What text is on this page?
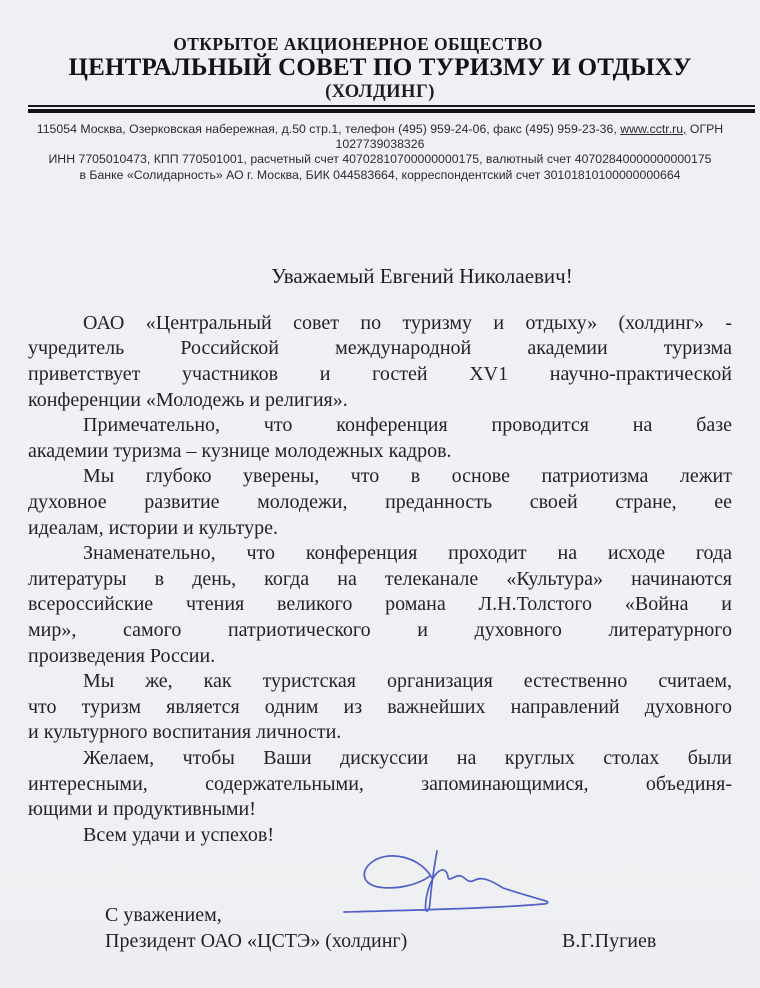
ОТКРЫТОЕ АКЦИОНЕРНОЕ ОБЩЕСТВО
ЦЕНТРАЛЬНЫЙ СОВЕТ ПО ТУРИЗМУ И ОТДЫХУ
(ХОЛДИНГ)
115054 Москва, Озерковская набережная, д.50 стр.1, телефон (495) 959-24-06, факс (495) 959-23-36, www.cctr.ru, ОГРН 1027739038326
ИНН 7705010473, КПП 770501001, расчетный счет 40702810700000000175, валютный счет 40702840000000000175
в Банке «Солидарность» АО г. Москва, БИК 044583664, корреспондентский счет 30101810100000000664
Уважаемый Евгений Николаевич!
ОАО «Центральный совет по туризму и отдыху» (холдинг» -
учредитель Российской международной академии туризма
приветствует участников и гостей XV1 научно-практической
конференции «Молодежь и религия».
Примечательно, что конференция проводится на базе
академии туризма – кузнице молодежных кадров.
Мы глубоко уверены, что в основе патриотизма лежит
духовное развитие молодежи, преданность своей стране, ее
идеалам, истории и культуре.
Знаменательно, что конференция проходит на исходе года
литературы в день, когда на телеканале «Культура» начинаются
всероссийские чтения великого романа Л.Н.Толстого «Война и
мир», самого патриотического и духовного литературного
произведения России.
Мы же, как туристская организация естественно считаем,
что туризм является одним из важнейших направлений духовного
и культурного воспитания личности.
Желаем, чтобы Ваши дискуссии на круглых столах были
интересными, содержательными, запоминающимися, объединя-
ющими и продуктивными!
Всем удачи и успехов!
С уважением,
Президент ОАО «ЦСТЭ» (холдинг)	В.Г.Пугиев
